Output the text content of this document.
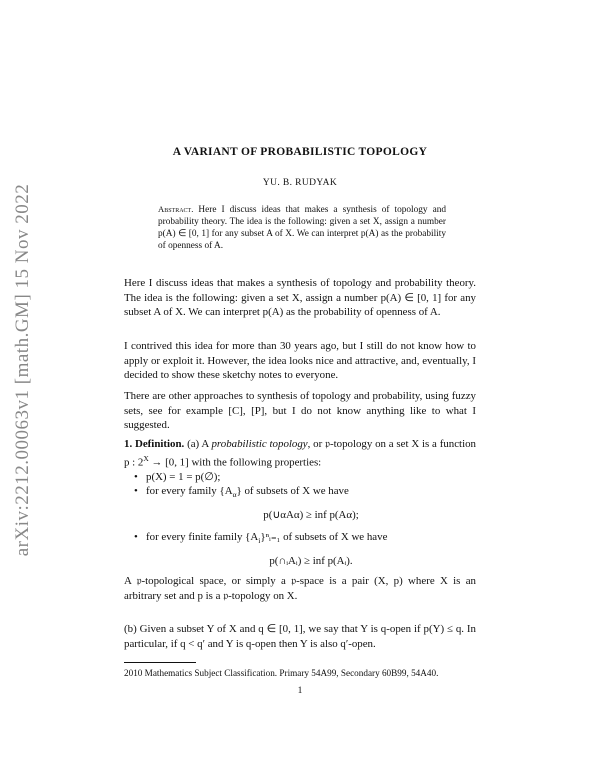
arXiv:2212.00063v1 [math.GM] 15 Nov 2022
A VARIANT OF PROBABILISTIC TOPOLOGY
YU. B. RUDYAK
Abstract. Here I discuss ideas that makes a synthesis of topology and probability theory. The idea is the following: given a set X, assign a number p(A) ∈ [0, 1] for any subset A of X. We can interpret p(A) as the probability of openness of A.
Here I discuss ideas that makes a synthesis of topology and probability theory. The idea is the following: given a set X, assign a number p(A) ∈ [0, 1] for any subset A of X. We can interpret p(A) as the probability of openness of A.
I contrived this idea for more than 30 years ago, but I still do not know how to apply or exploit it. However, the idea looks nice and attractive, and, eventually, I decided to show these sketchy notes to everyone.
There are other approaches to synthesis of topology and probability, using fuzzy sets, see for example [C], [P], but I do not know anything like to what I suggested.
1. Definition. (a) A probabilistic topology, or 𝔭-topology on a set X is a function p : $2^X \to [0$, 1] with the following properties:
• p(X) = 1 = p(∅);
• for every family $\{A_\alpha\}$ of subsets of X we have
p(∪αAα) ≥ inf p(Aα);
• for every finite family $\{A_i\}^nᵢ_{=1}$ of subsets of X we have
p(∩ᵢAᵢ) ≥ inf p(Aᵢ).
A 𝔭-topological space, or simply a 𝔭-space is a pair (X, p) where X is an arbitrary set and p is a 𝔭-topology on X.
(b) Given a subset Y of X and q ∈ [0, 1], we say that Y is q-open if p(Y) ≤ q. In particular, if q < q′ and Y is q-open then Y is also q′-open.
2010 Mathematics Subject Classification. Primary 54A99, Secondary 60B99, 54A40.
1
